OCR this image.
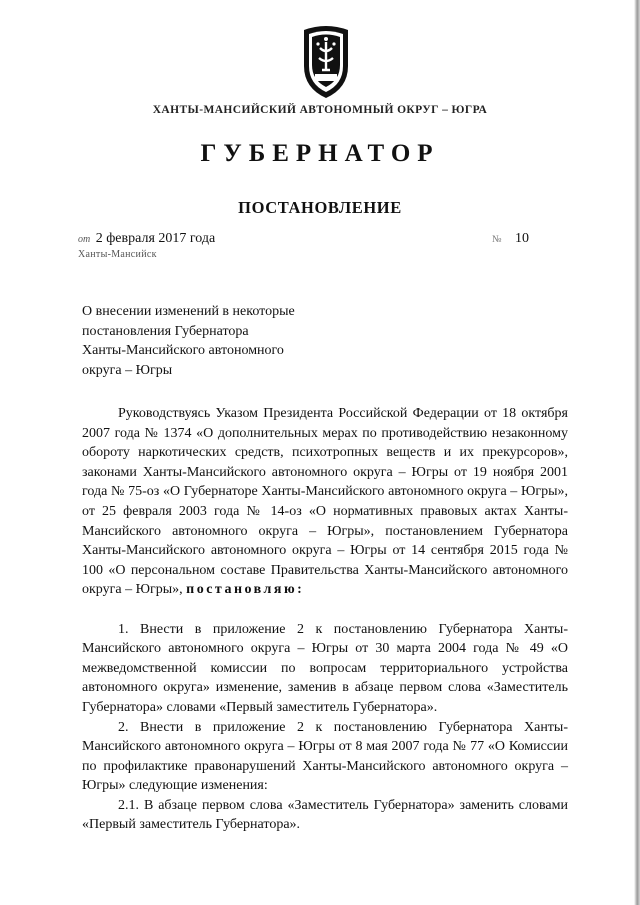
ХАНТЫ-МАНСИЙСКИЙ АВТОНОМНЫЙ ОКРУГ – ЮГРА
ГУБЕРНАТОР
ПОСТАНОВЛЕНИЕ
от 2 февраля 2017 года
Ханты-Мансийск
№ 10
О внесении изменений в некоторые
постановления Губернатора
Ханты-Мансийского автономного
округа – Югры

Руководствуясь Указом Президента Российской Федерации от 18 октября 2007 года № 1374 «О дополнительных мерах по противодействию незаконному обороту наркотических средств, психотропных веществ и их прекурсоров», законами Ханты-Мансийского автономного округа – Югры от 19 ноября 2001 года № 75-оз «О Губернаторе Ханты-Мансийского автономного округа – Югры», от 25 февраля 2003 года № 14-оз «О нормативных правовых актах Ханты-Мансийского автономного округа – Югры», постановлением Губернатора Ханты-Мансийского автономного округа – Югры от 14 сентября 2015 года № 100 «О персональном составе Правительства Ханты-Мансийского автономного округа – Югры», постановляю:

1. Внести в приложение 2 к постановлению Губернатора Ханты-Мансийского автономного округа – Югры от 30 марта 2004 года № 49 «О межведомственной комиссии по вопросам территориального устройства автономного округа» изменение, заменив в абзаце первом слова «Заместитель Губернатора» словами «Первый заместитель Губернатора».

2. Внести в приложение 2 к постановлению Губернатора Ханты-Мансийского автономного округа – Югры от 8 мая 2007 года № 77 «О Комиссии по профилактике правонарушений Ханты-Мансийского автономного округа – Югры» следующие изменения:

2.1. В абзаце первом слова «Заместитель Губернатора» заменить словами «Первый заместитель Губернатора».
